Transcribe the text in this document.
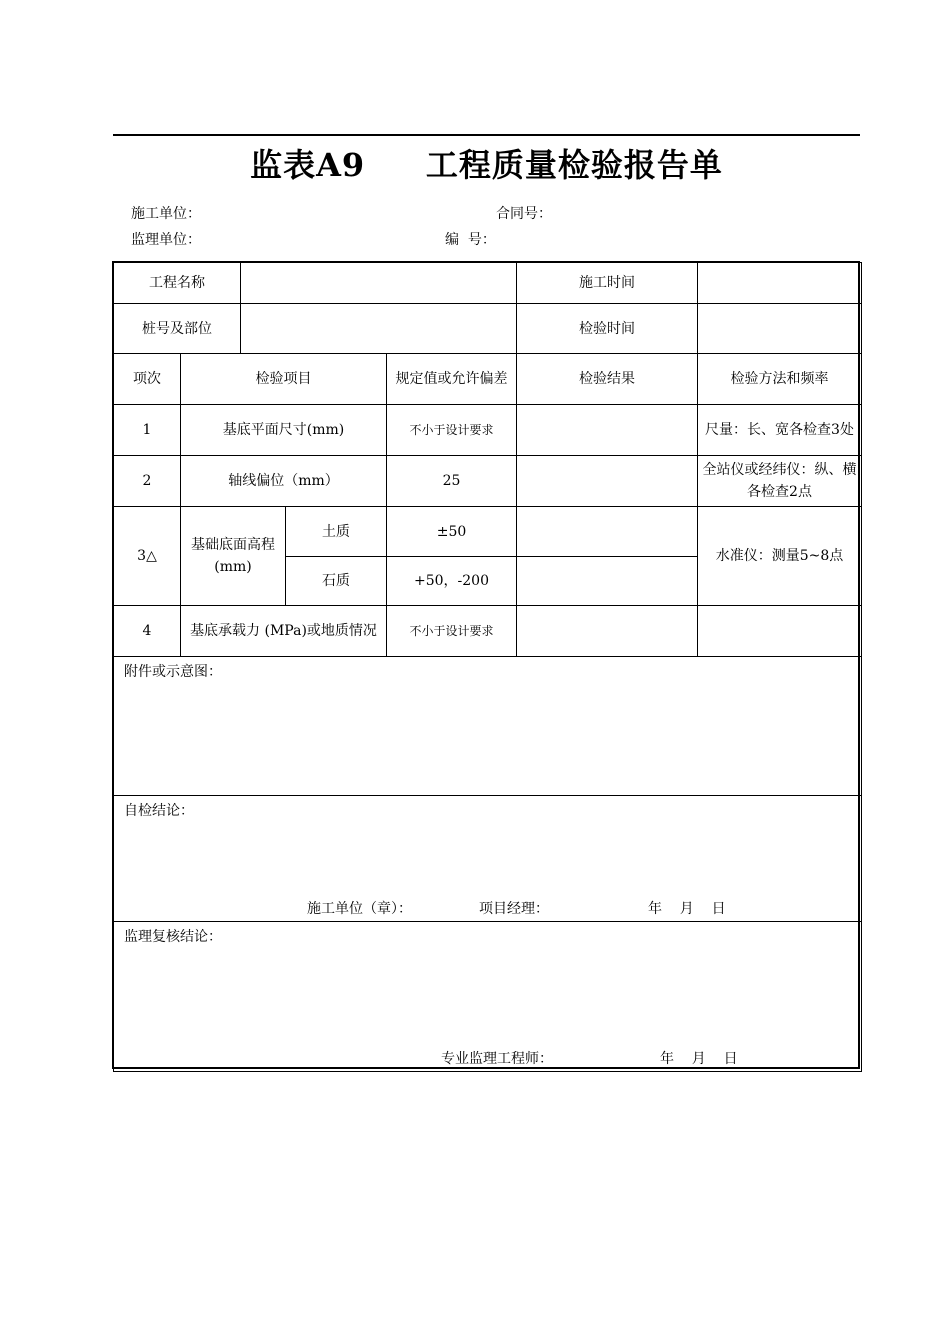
监表A9     工程质量检验报告单
施工单位：	合同号：
监理单位：	编  号：
工程名称					施工时间	
桩号及部位					检验时间	
项次	检验项目			规定值或允许偏差	检验结果	检验方法和频率
1	基底平面尺寸(mm)			不小于设计要求		尺量：长、宽各检查3处
2	轴线偏位（mm）			25		全站仪或经纬仪：纵、横各检查2点
3△	基础底面高程(mm)		土质	±50		水准仪：测量5~8点
			石质	+50，-200		
4	基底承载力 (MPa)或地质情况			不小于设计要求		
附件或示意图：						
自检结论：
施工单位（章）： 项目经理： 年    月    日						

监理复核结论：
专业监理工程师： 年    月    日						
